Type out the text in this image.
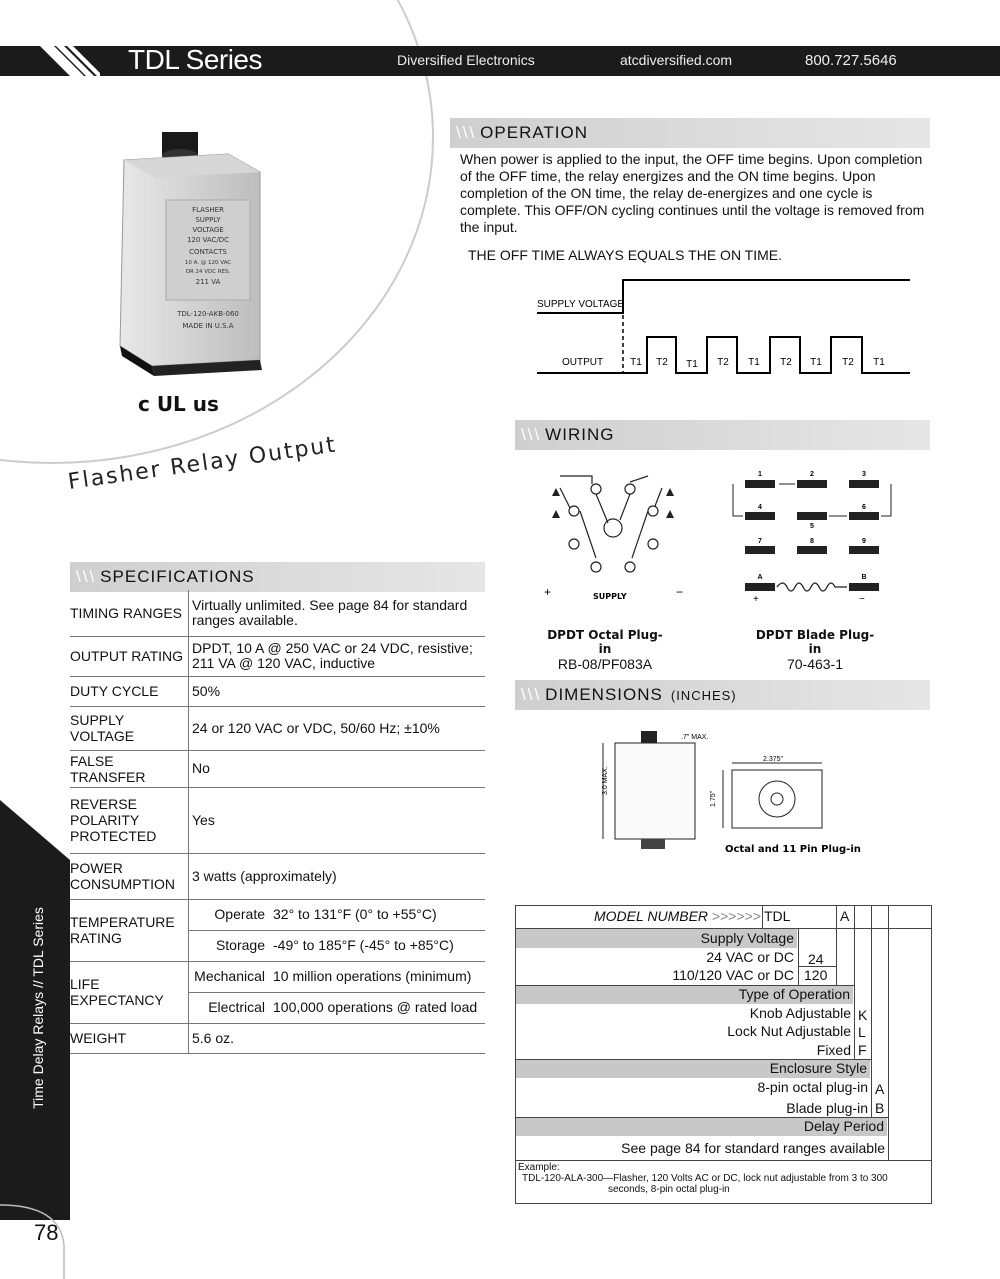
TDL Series	Diversified Electronics	atcdiversified.com	800.727.5646
FLASHER
SUPPLY
VOLTAGE
120 VAC/DC
CONTACTS
10 A. @ 120 VAC
OR 24 VDC RES.
211 VA
TDL-120-AKB-060
MADE IN U.S.A
c UL us
Flasher Relay Output
\\\ OPERATION

When power is applied to the input, the OFF time begins. Upon completion of the OFF time, the relay energizes and the ON time begins. Upon completion of the ON time, the relay de-energizes and one cycle is complete. This OFF/ON cycling continues until the voltage is removed from the input.

THE OFF TIME ALWAYS EQUALS THE ON TIME.
SUPPLY VOLTAGE
OUTPUT	T1 T2 T1 T2 T1 T2 T1 T2 T1
\\\ WIRING
+	−
SUPPLY
DPDT Octal Plug-in
RB-08/PF083A
1	2	3
4
5
6
7	8	9
A	B
+	−
DPDT Blade Plug-in
70-463-1
\\\ DIMENSIONS (INCHES)
3.0 MAX.
.7" MAX.
2.375"
1.75"
Octal and 11 Pin Plug-in
\\\ SPECIFICATIONS
TIMING RANGES	Virtually unlimited. See page 84 for standard ranges available.
OUTPUT RATING	DPDT, 10 A @ 250 VAC or 24 VDC, resistive; 211 VA @ 120 VAC, inductive
DUTY CYCLE	50%
SUPPLY VOLTAGE	24 or 120 VAC or VDC, 50/60 Hz; ±10%
FALSE TRANSFER	No
REVERSE POLARITY PROTECTED	Yes
POWER CONSUMPTION	3 watts (approximately)
TEMPERATURE RATING	Operate 32° to 131°F (0° to +55°C)
Storage -49° to 185°F (-45° to +85°C)

LIFE EXPECTANCY	Mechanical 10 million operations (minimum)
Electrical 100,000 operations @ rated load

WEIGHT	5.6 oz.
MODEL NUMBER >>>>>> TDL	A
Supply Voltage
24 VAC or DC 24
110/120 VAC or DC 120
Type of Operation
Knob Adjustable K
Lock Nut Adjustable L
Fixed F
Enclosure Style
8-pin octal plug-in A
Blade plug-in B
Delay Period
See page 84 for standard ranges available
Example:
TDL-120-ALA-300—Flasher, 120 Volts AC or DC, lock nut adjustable from 3 to 300
seconds, 8-pin octal plug-in
Time Delay Relays // TDL Series
78
